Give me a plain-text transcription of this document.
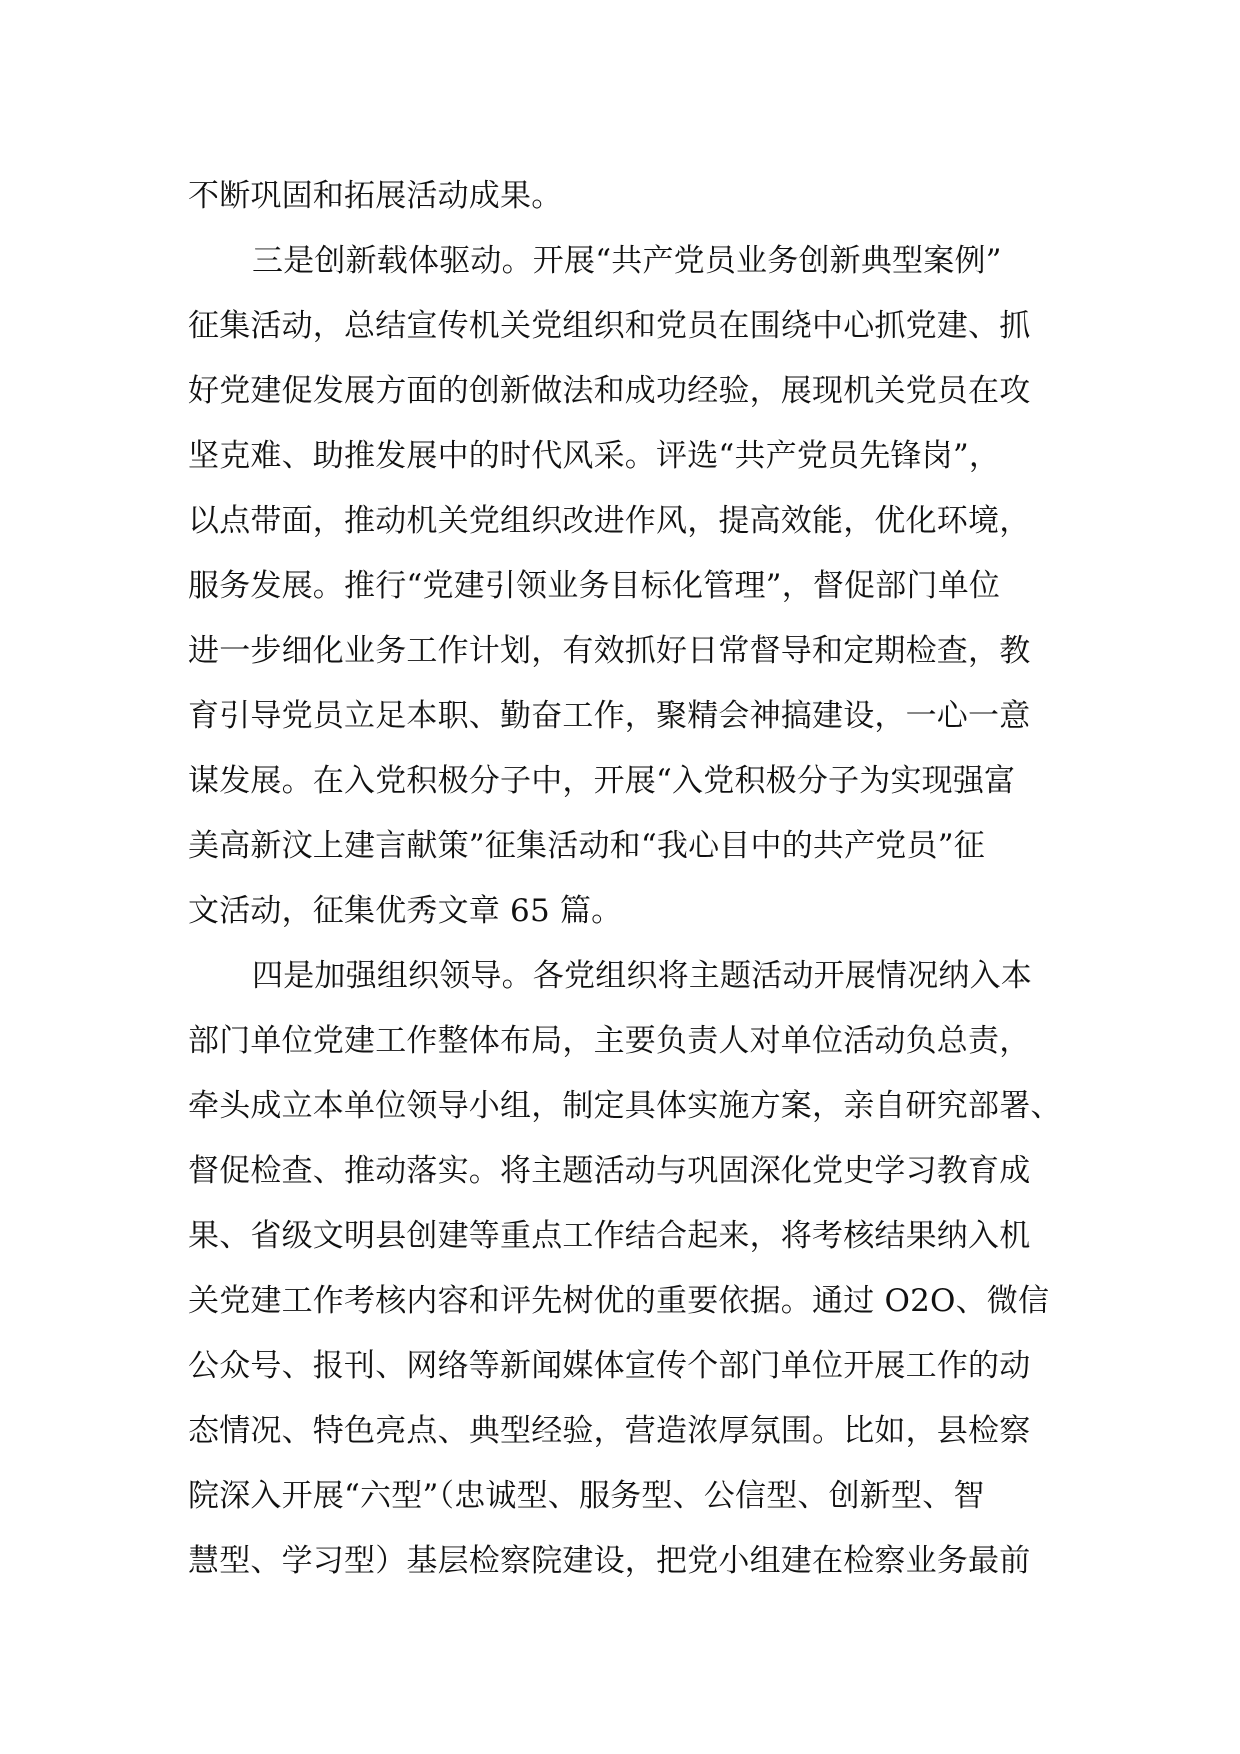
不断巩固和拓展活动成果。
三是创新载体驱动。开展“共产党员业务创新典型案例”
征集活动，总结宣传机关党组织和党员在围绕中心抓党建、抓
好党建促发展方面的创新做法和成功经验，展现机关党员在攻
坚克难、助推发展中的时代风采。评选“共产党员先锋岗”，
以点带面，推动机关党组织改进作风，提高效能，优化环境，
服务发展。推行“党建引领业务目标化管理”，督促部门单位
进一步细化业务工作计划，有效抓好日常督导和定期检查，教
育引导党员立足本职、勤奋工作，聚精会神搞建设，一心一意
谋发展。在入党积极分子中，开展“入党积极分子为实现强富
美高新汶上建言献策”征集活动和“我心目中的共产党员”征
文活动，征集优秀文章 65 篇。
四是加强组织领导。各党组织将主题活动开展情况纳入本
部门单位党建工作整体布局，主要负责人对单位活动负总责，
牵头成立本单位领导小组，制定具体实施方案，亲自研究部署、
督促检查、推动落实。将主题活动与巩固深化党史学习教育成
果、省级文明县创建等重点工作结合起来，将考核结果纳入机
关党建工作考核内容和评先树优的重要依据。通过 O2O、微信
公众号、报刊、网络等新闻媒体宣传个部门单位开展工作的动
态情况、特色亮点、典型经验，营造浓厚氛围。比如，县检察
院深入开展“六型”（忠诚型、服务型、公信型、创新型、智
慧型、学习型）基层检察院建设，把党小组建在检察业务最前
